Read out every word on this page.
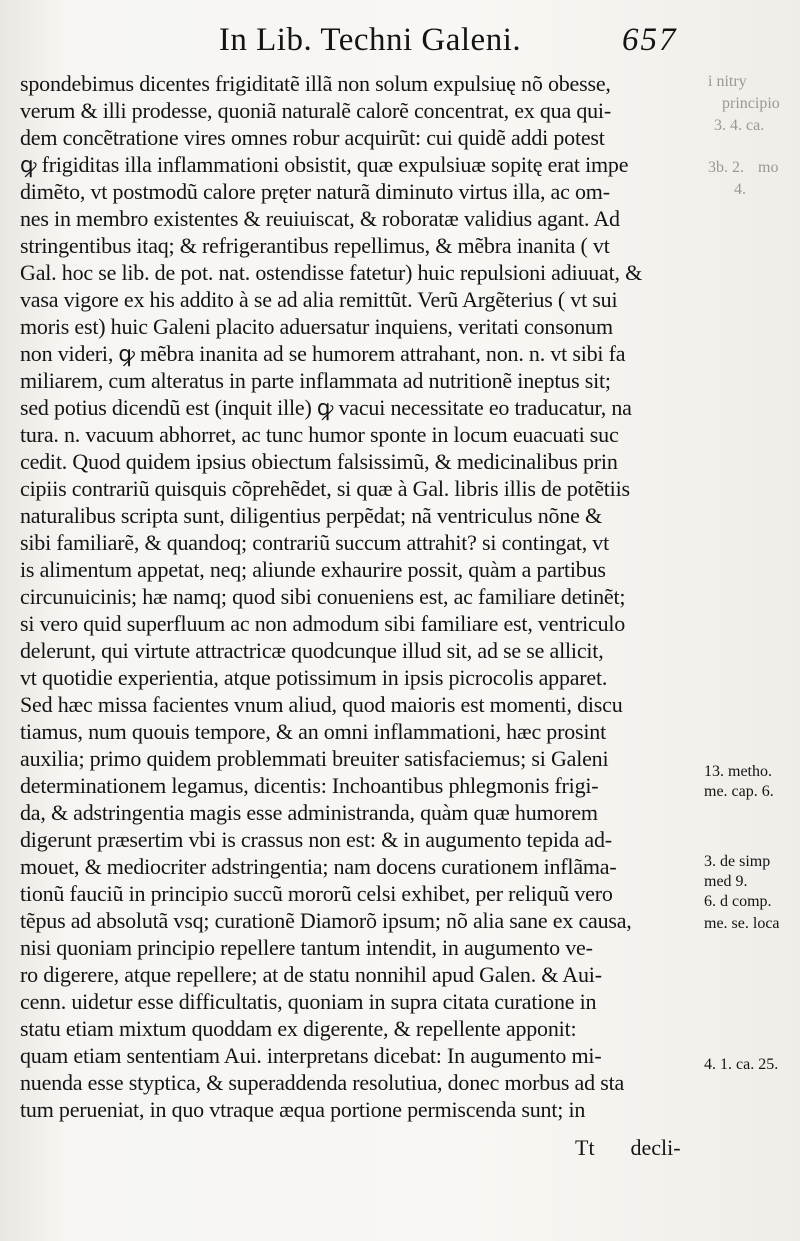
In Lib. Techni Galeni.	657
spondebimus dicentes frigiditatẽ illã non solum expulsiuę nõ obesse,
verum & illi prodesse, quoniã naturalẽ calorẽ concentrat, ex qua qui-
dem concẽtratione vires omnes robur acquirũt: cui quidẽ addi potest
ꝙ frigiditas illa inflammationi obsistit, quæ expulsiuæ sopitę erat impe
dimẽto, vt postmodũ calore pręter naturã diminuto virtus illa, ac om-
nes in membro existentes & reuiuiscat, & roboratæ validius agant. Ad
stringentibus itaq; & refrigerantibus repellimus, & mẽbra inanita ( vt
Gal. hoc se lib. de pot. nat. ostendisse fatetur) huic repulsioni adiuuat, &
vasa vigore ex his addito à se ad alia remittũt. Verũ Argẽterius ( vt sui
moris est) huic Galeni placito aduersatur inquiens, veritati consonum
non videri, ꝙ mẽbra inanita ad se humorem attrahant, non. n. vt sibi fa
miliarem, cum alteratus in parte inflammata ad nutritionẽ ineptus sit;
sed potius dicendũ est (inquit ille) ꝙ vacui necessitate eo traducatur, na
tura. n. vacuum abhorret, ac tunc humor sponte in locum euacuati suc
cedit. Quod quidem ipsius obiectum falsissimũ, & medicinalibus prin
cipiis contrariũ quisquis cõprehẽdet, si quæ à Gal. libris illis de potẽtiis
naturalibus scripta sunt, diligentius perpẽdat; nã ventriculus nõne &
sibi familiarẽ, & quandoq; contrariũ succum attrahit? si contingat, vt
is alimentum appetat, neq; aliunde exhaurire possit, quàm a partibus
circunuicinis; hæ namq; quod sibi conueniens est, ac familiare detinẽt;
si vero quid superfluum ac non admodum sibi familiare est, ventriculo
delerunt, qui virtute attractricæ quodcunque illud sit, ad se se allicit,
vt quotidie experientia, atque potissimum in ipsis picrocolis apparet.
Sed hæc missa facientes vnum aliud, quod maioris est momenti, discu
tiamus, num quouis tempore, & an omni inflammationi, hæc prosint
auxilia; primo quidem problemmati breuiter satisfaciemus; si Galeni
determinationem legamus, dicentis: Inchoantibus phlegmonis frigi-
da, & adstringentia magis esse administranda, quàm quæ humorem
digerunt præsertim vbi is crassus non est: & in augumento tepida ad-
mouet, & mediocriter adstringentia; nam docens curationem inflãma-
tionũ fauciũ in principio succũ mororũ celsi exhibet, per reliquũ vero
tẽpus ad absolutã vsq; curationẽ Diamorõ ipsum; nõ alia sane ex causa,
nisi quoniam principio repellere tantum intendit, in augumento ve-
ro digerere, atque repellere; at de statu nonnihil apud Galen. & Aui-
cenn. uidetur esse difficultatis, quoniam in supra citata curatione in
statu etiam mixtum quoddam ex digerente, & repellente apponit:
quam etiam sententiam Aui. interpretans dicebat: In augumento mi-
nuenda esse styptica, & superaddenda resolutiua, donec morbus ad sta
tum perueniat, in quo vtraque æqua portione permiscenda sunt; in
i nitry
principio
3. 4. ca.
3b. 2. mo
4.
13. metho.
me. cap. 6.
3. de simp
med 9.
6. d comp.
me. se. loca
4. 1. ca. 25.
Tt decli-
